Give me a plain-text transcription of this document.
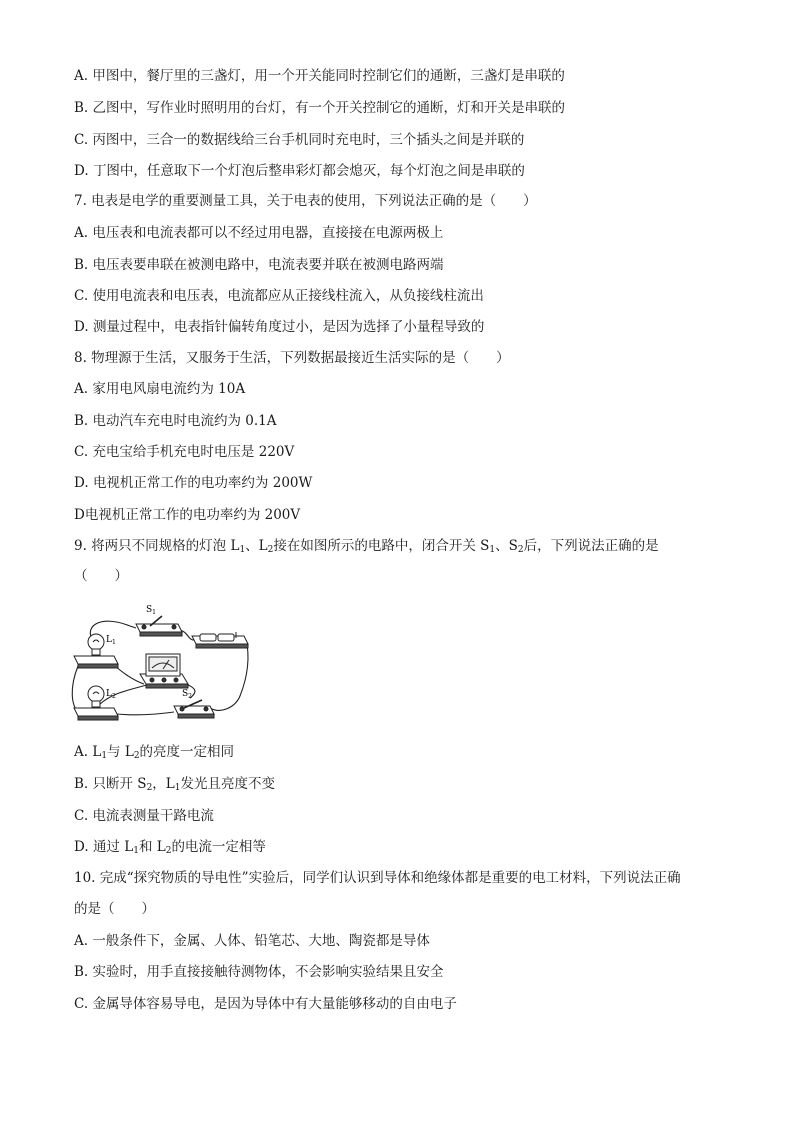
A. 甲图中，餐厅里的三盏灯，用一个开关能同时控制它们的通断，三盏灯是串联的
B. 乙图中，写作业时照明用的台灯，有一个开关控制它的通断，灯和开关是串联的
C. 丙图中，三合一的数据线给三台手机同时充电时，三个插头之间是并联的
D. 丁图中，任意取下一个灯泡后整串彩灯都会熄灭，每个灯泡之间是串联的
7. 电表是电学的重要测量工具，关于电表的使用，下列说法正确的是（　　）
A. 电压表和电流表都可以不经过用电器，直接接在电源两极上
B. 电压表要串联在被测电路中，电流表要并联在被测电路两端
C. 使用电流表和电压表，电流都应从正接线柱流入，从负接线柱流出
D. 测量过程中，电表指针偏转角度过小，是因为选择了小量程导致的
8. 物理源于生活，又服务于生活，下列数据最接近生活实际的是（　　）
A. 家用电风扇电流约为 10A
B. 电动汽车充电时电流约为 0.1A
C. 充电宝给手机充电时电压是 220V
D. 电视机正常工作的电功率约为 200W
D电视机正常工作的电功率约为 200V
9. 将两只不同规格的灯泡 $L_1$、$L_2$接在如图所示的电路中，闭合开关 $S_1$、$S_2$后，下列说法正确的是
（　　）
$S_1$
$L_1$
$L_2$	$S_2$
A. $L_1$与 $L_2$的亮度一定相同
B. 只断开 $S_2$，$L_1$发光且亮度不变
C. 电流表测量干路电流
D. 通过 $L_1$和 $L_2$的电流一定相等
10. 完成“探究物质的导电性”实验后，同学们认识到导体和绝缘体都是重要的电工材料，下列说法正确
的是（　　）
A. 一般条件下，金属、人体、铅笔芯、大地、陶瓷都是导体
B. 实验时，用手直接接触待测物体，不会影响实验结果且安全
C. 金属导体容易导电，是因为导体中有大量能够移动的自由电子
